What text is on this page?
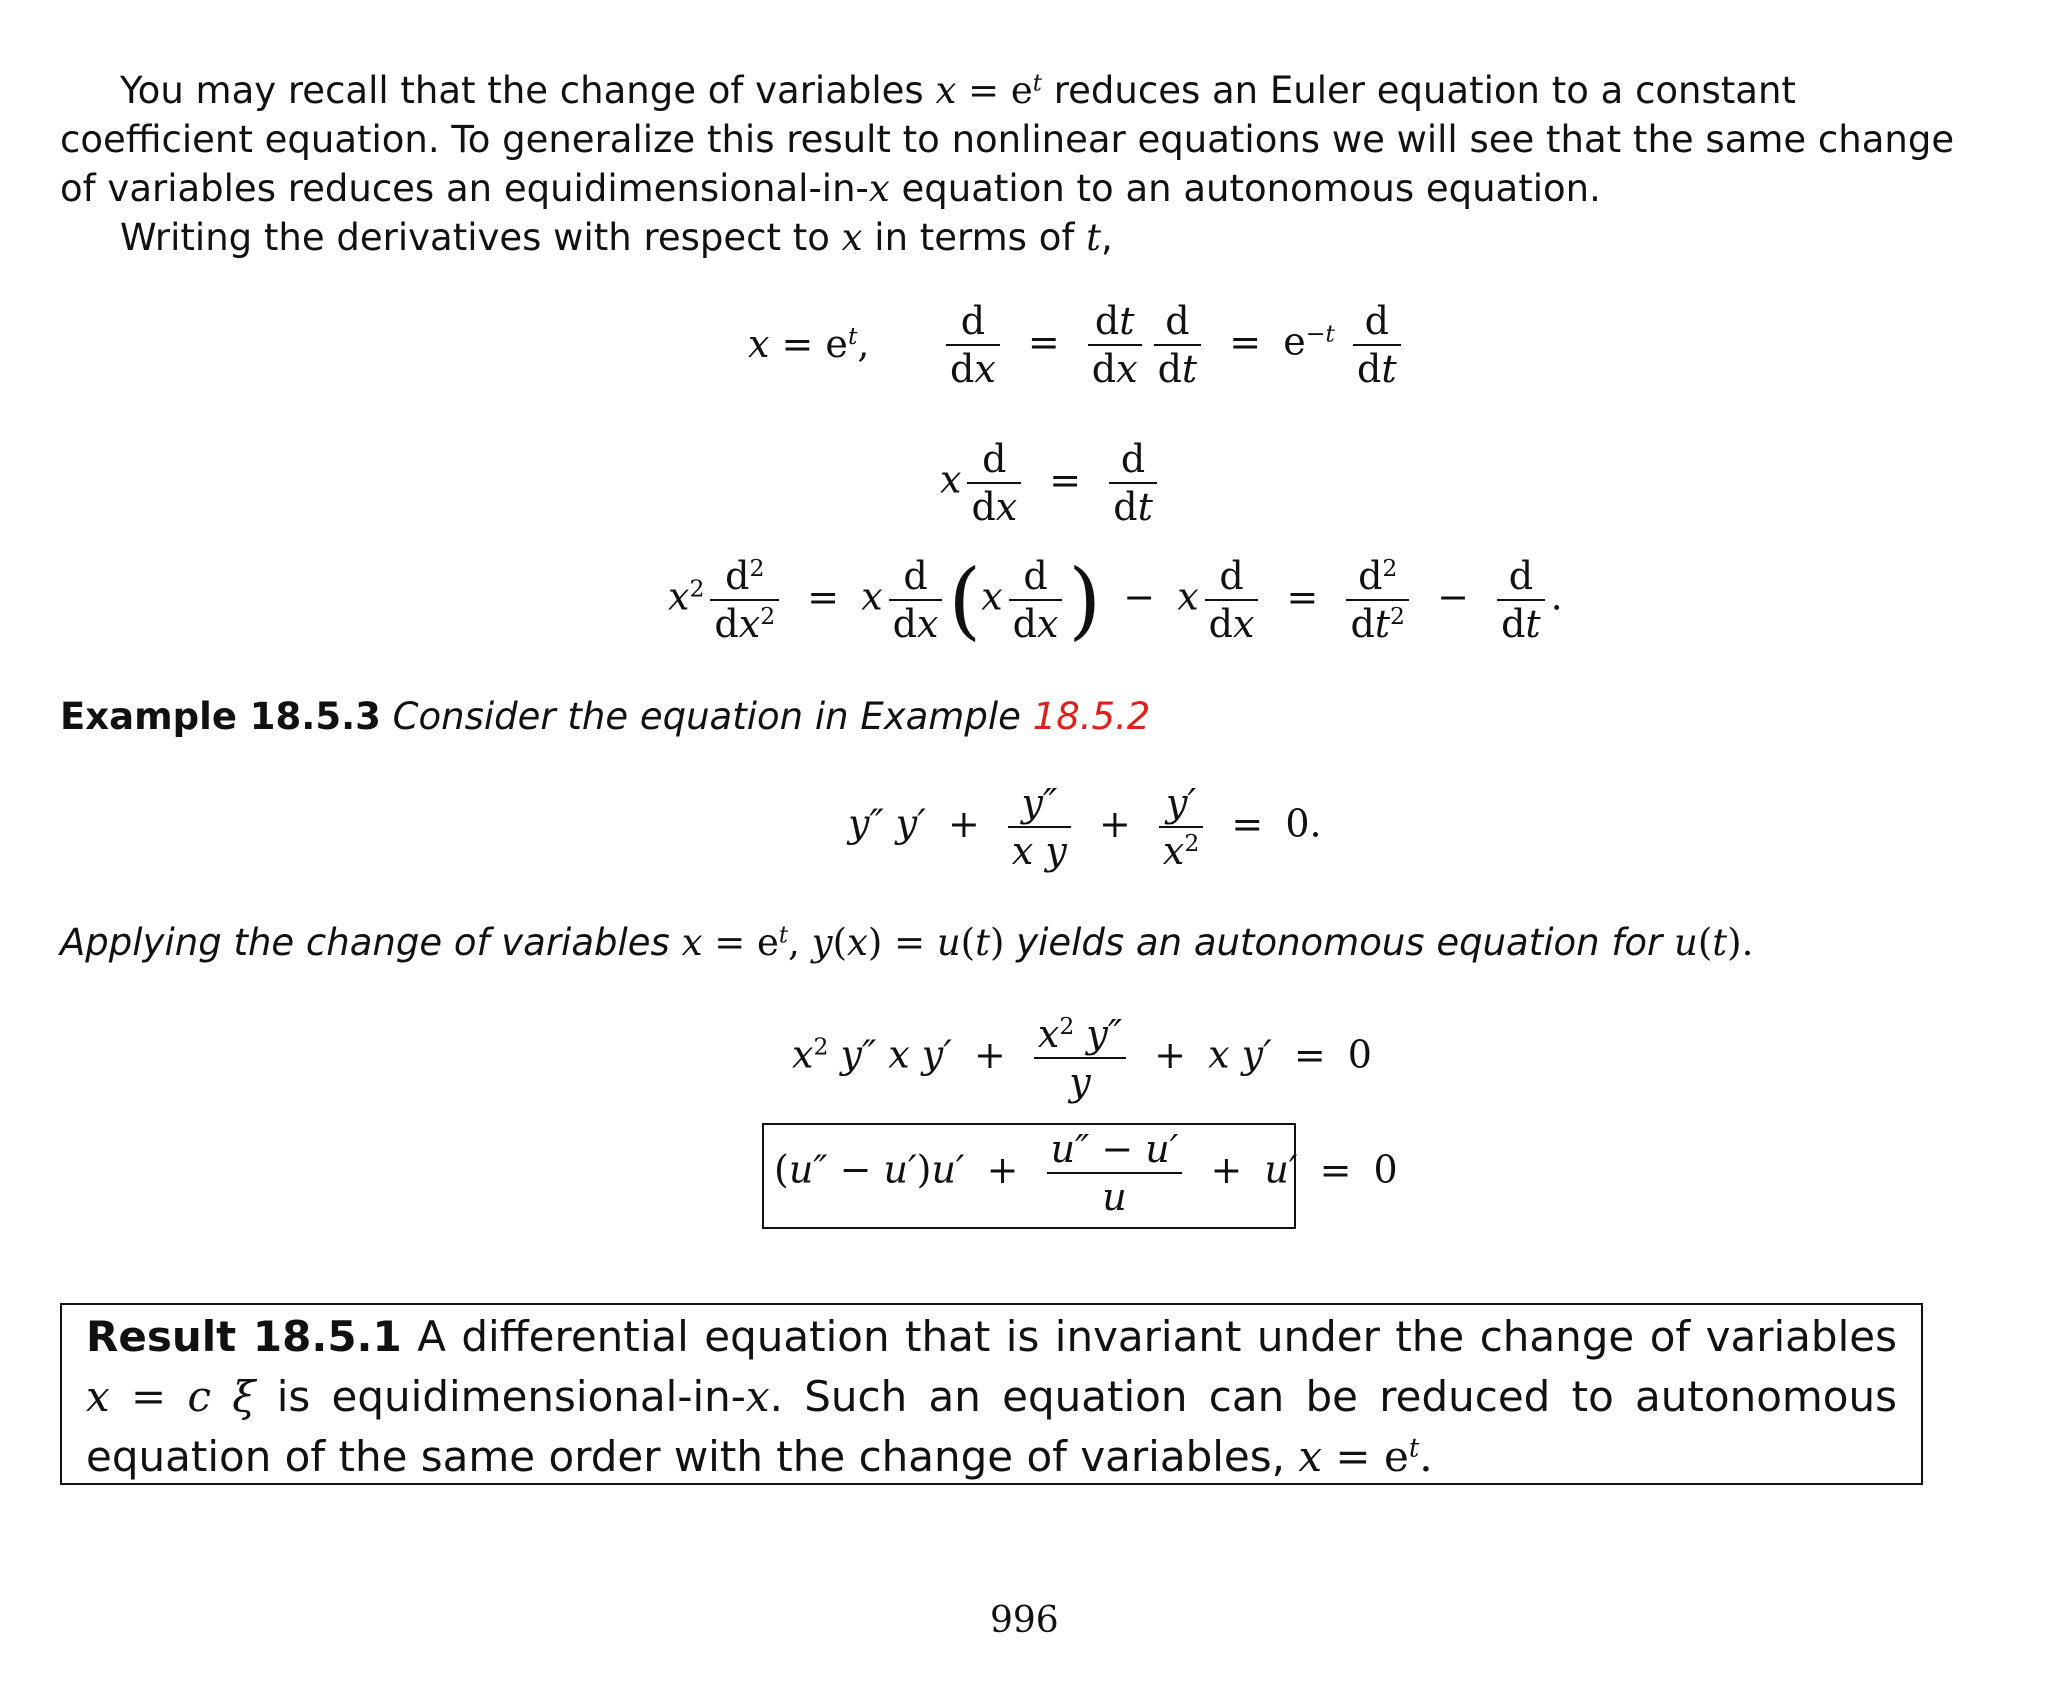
You may recall that the change of variables $x = e^t$ reduces an Euler equation to a constant coefficient equation. To generalize this result to nonlinear equations we will see that the same change of variables reduces an equidimensional-in-x equation to an autonomous equation.

Writing the derivatives with respect to x in terms of t,

$x = e^t$, $\frac{d}{dx} = \frac{dt}{dx} \frac{d}{dt} = e^{-t} \frac{d}{dt}$
x $\frac{d}{dx} = \frac{d}{dt}$
$x^2 \frac{d^2}{dx^2} = x \frac{d}{dx} (x \frac{d}{dx}$ ) − x $\frac{d}{dx} = \frac{d^2}{dt^2} - \frac{d}{dt}$ .

Example 18.5.3 Consider the equation in Example 18.5.2

y″ $y' + \frac{y''}{\text{x y}} + \frac{y'}{x^2} = 0$.

Applying the change of variables $x = e^t$, y(x) = u(t) yields an autonomous equation for u(t).

$x^2$ y″ x $y' + \frac{x^2 y''}{y} + x$ y′ = 0
$(u'' - u')u' + \frac{u'' - u'}{u} + u' = 0$

Result 18.5.1 A differential equation that is invariant under the change of variables x = c ξ is equidimensional-in-x. Such an equation can be reduced to autonomous equation of the same order with the change of variables, $x = e^t$.

996
